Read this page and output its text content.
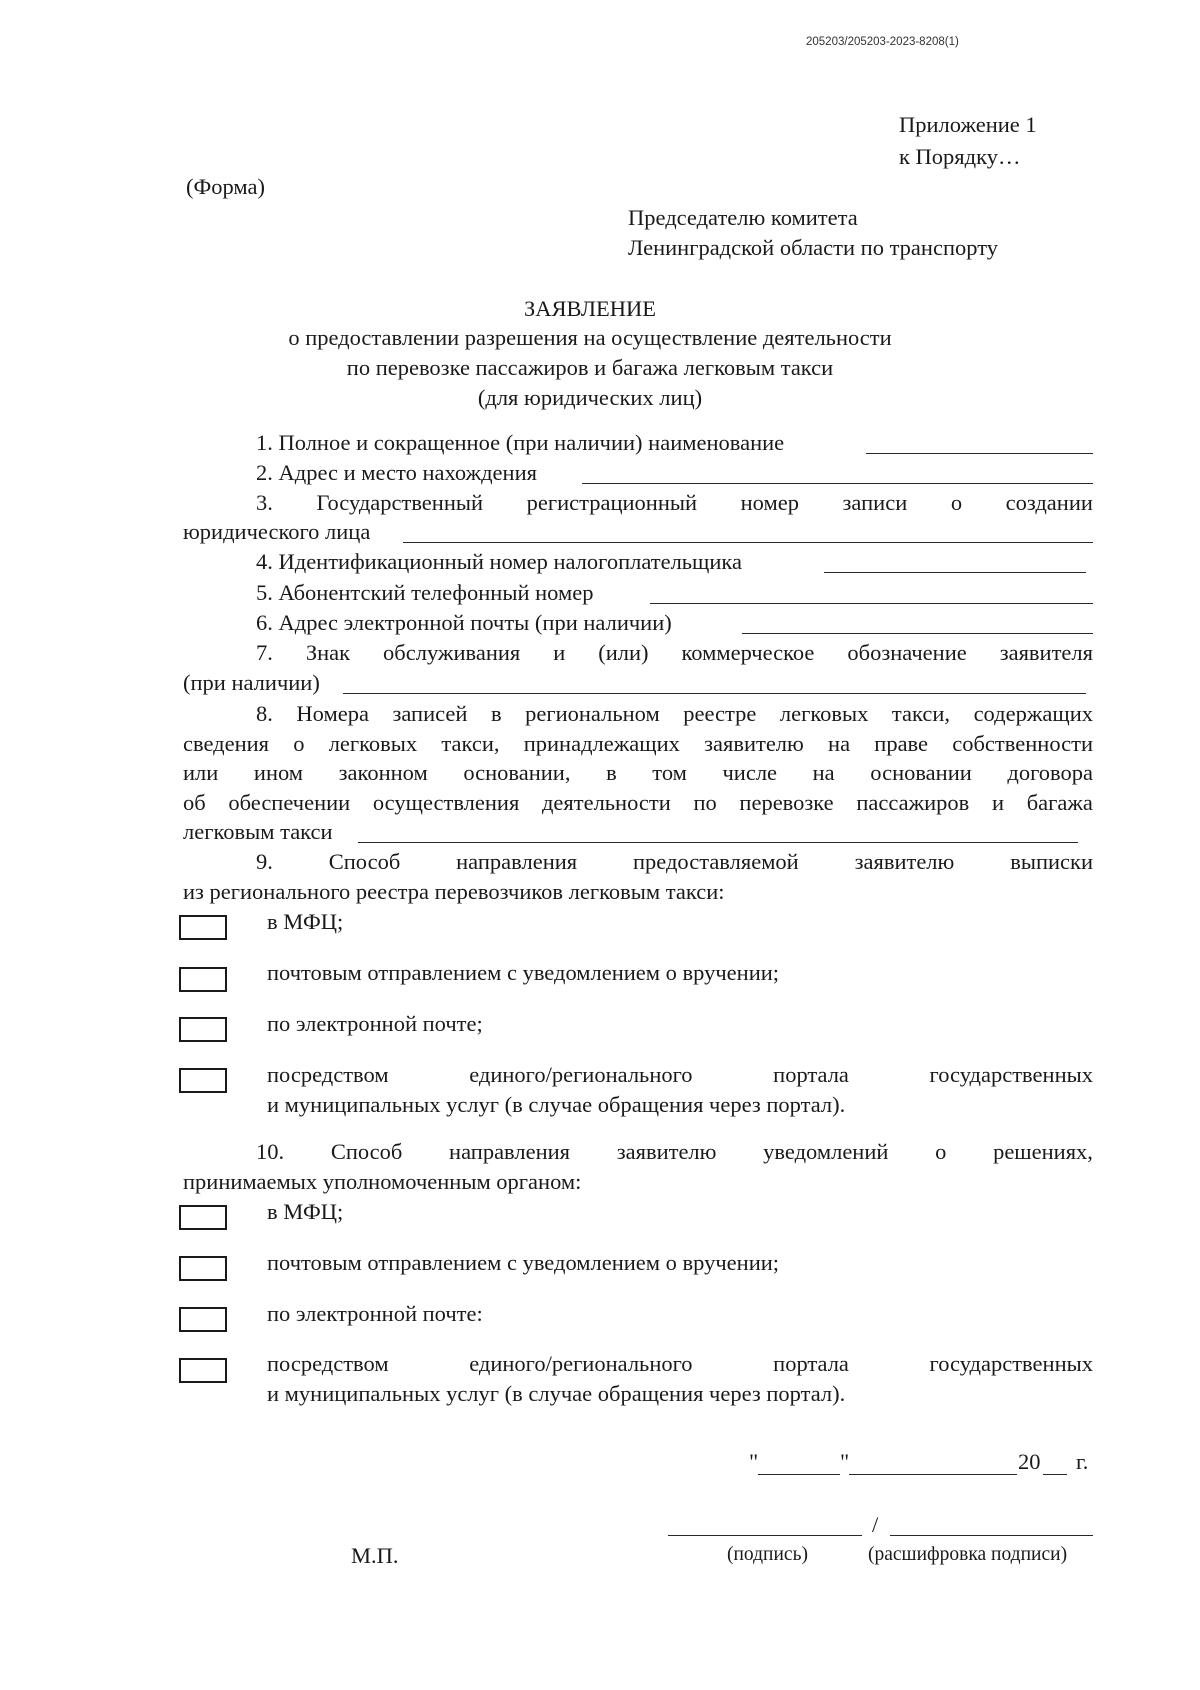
205203/205203-2023-8208(1)
Приложение 1
к Порядку…
(Форма)
Председателю комитета
Ленинградской области по транспорту
ЗАЯВЛЕНИЕ
о предоставлении разрешения на осуществление деятельности
по перевозке пассажиров и багажа легковым такси
(для юридических лиц)
1. Полное и сокращенное (при наличии) наименование
2. Адрес и место нахождения
3. Государственный регистрационный номер записи о создании
юридического лица
4. Идентификационный номер налогоплательщика
5. Абонентский телефонный номер
6. Адрес электронной почты (при наличии)
7. Знак обслуживания и (или) коммерческое обозначение заявителя
(при наличии)
8. Номера записей в региональном реестре легковых такси, содержащих
сведения о легковых такси, принадлежащих заявителю на праве собственности
или ином законном основании, в том числе на основании договора
об обеспечении осуществления деятельности по перевозке пассажиров и багажа
легковым такси
9. Способ направления предоставляемой заявителю выписки
из регионального реестра перевозчиков легковым такси:
в МФЦ;
почтовым отправлением с уведомлением о вручении;
по электронной почте;
посредством	единого/регионального	портала	государственных
и муниципальных услуг (в случае обращения через портал).
10. Способ направления заявителю уведомлений о решениях,
принимаемых уполномоченным органом:
в МФЦ;
почтовым отправлением с уведомлением о вручении;
по электронной почте:
посредством	единого/регионального	портала	государственных
и муниципальных услуг (в случае обращения через портал).
"	"	20 г.
/
(подпись)	(расшифровка подписи)
М.П.
